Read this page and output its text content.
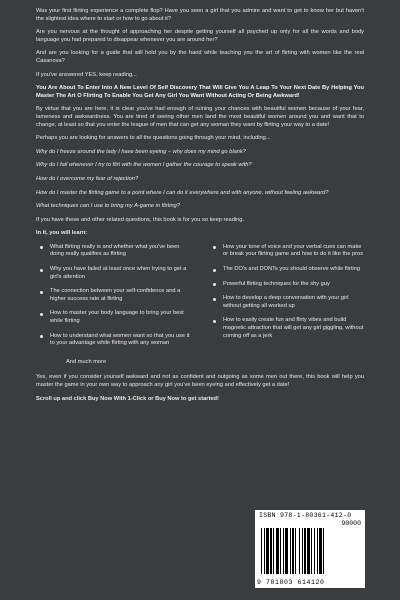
Was your first flirting experience a complete flop? Have you seen a girl that you admire and want to get to know her but haven't the slightest idea where to start or how to go about it?

Are you nervous at the thought of approaching her despite getting yourself all psyched up only for all the words and body language you had prepared to disappear whenever you are around her?

And are you looking for a guide that will hold you by the hand while teaching you the art of flirting with women like the real Casanova?

If you've answered YES, keep reading...

You Are About To Enter Into A New Level Of Self Discovery That Will Give You A Leap To Your Next Date By Helping You Master The Art O Flirting To Enable You Get Any Girl You Want Without Acting Or Being Awkward!

By virtue that you are here, it is clear you've had enough of ruining your chances with beautiful women because of your fear, lameness and awkwardness. You are tired of seeing other men land the most beautiful women around you and want that to change, at least so that you enter the league of men that can get any woman they want by flirting your way to a date!

Perhaps you are looking for answers to all the questions going through your mind, including...

Why do I freeze around the lady I have been eyeing – why does my mind go blank?

Why do I fail whenever I try to flirt with the women I gather the courage to speak with?

How do I overcome my fear of rejection?

How do I master the flirting game to a point where I can do it everywhere and with anyone, without feeling awkward?

What techniques can I use to bring my A-game in flirting?

If you have these and other related questions, this book is for you so keep reading.

In it, you will learn:

What flirting really is and whether what you've been doing really qualifies as flirting
Why you have failed at least once when trying to get a girl's attention
The connection between your self-confidence and a higher success rate at flirting
How to master your body language to bring your best while flirting
How to understand what women want so that you use it to your advantage while flirting with any woman
How your tone of voice and your verbal cues can make or break your flirting game and how to do it like the pros
The DO's and DONTs you should observe while flirting
Powerful flirting techniques for the shy guy
How to develop a deep conversation with your girl without getting all worked up
How to easily create fun and flirty vibes and build magnetic attraction that will get any girl giggling, without coming off as a jerk

And much more

Yes, even if you consider yourself awkward and not as confident and outgoing as some men out there, this book will help you master the game in your own way to approach any girl you've been eyeing and effectively get a date!

Scroll up and click Buy Now With 1-Click or Buy Now to get started!

ISBN 978-1-80361-412-0
90000
9 781803 614120
